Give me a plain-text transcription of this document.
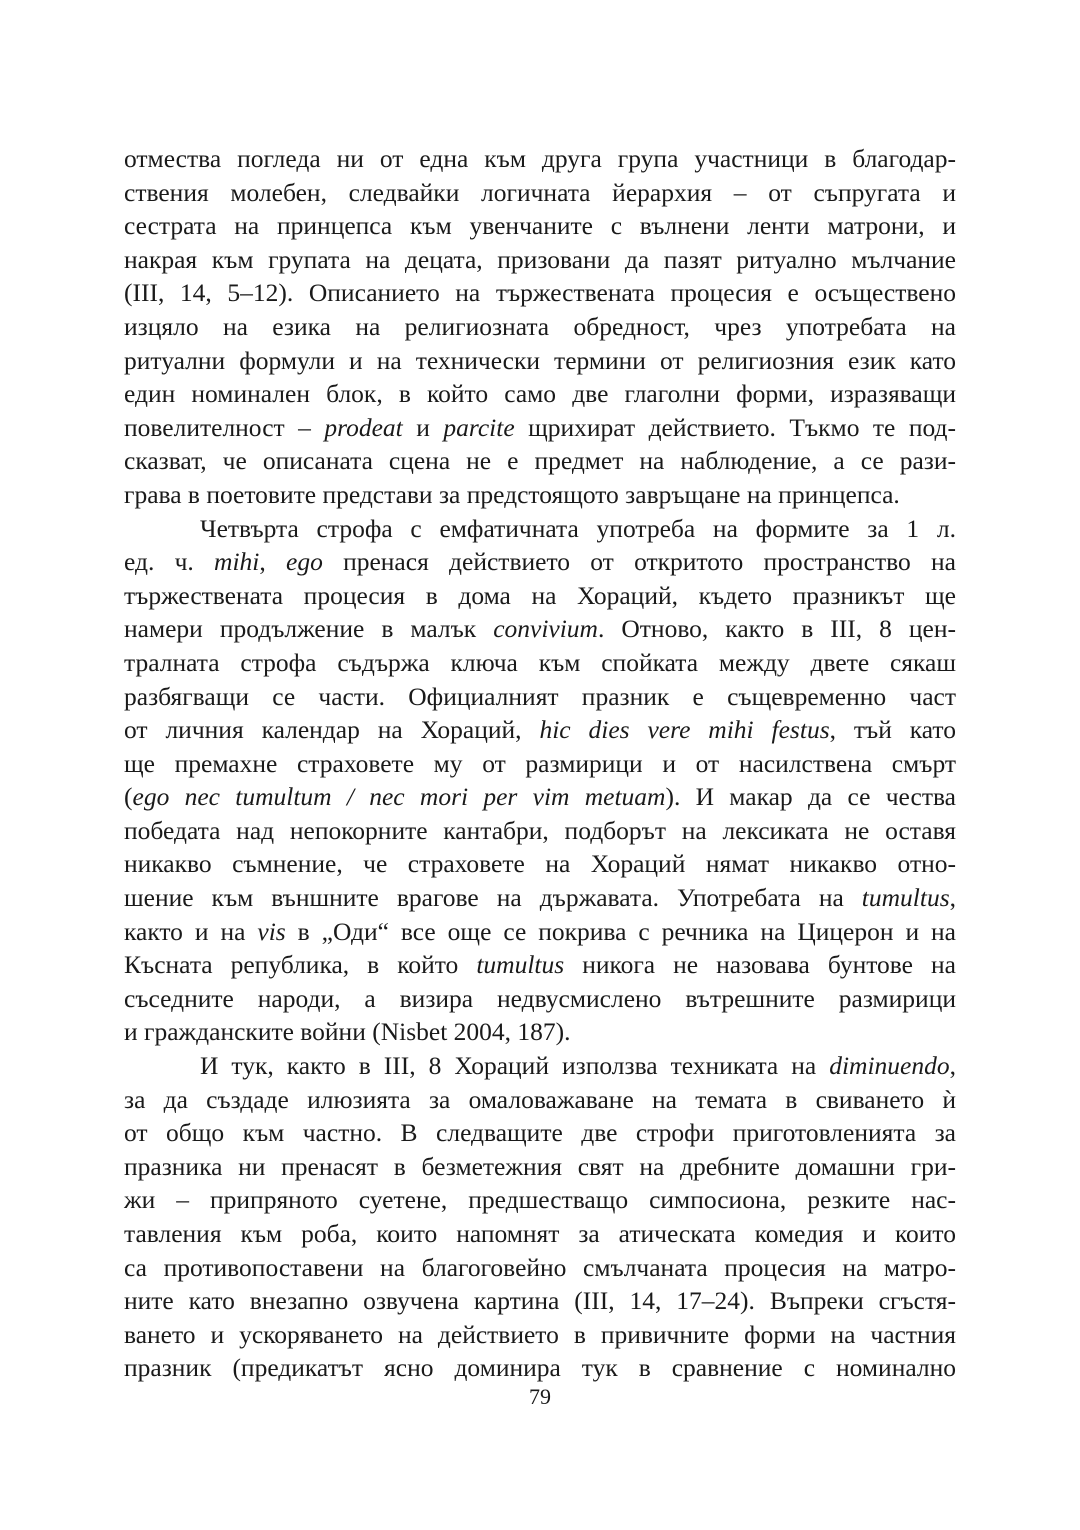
отмества погледа ни от една към друга група участници в благодар-
ствения молебен, следвайки логичната йерархия – от съпругата и
сестрата на принцепса към увенчаните с вълнени ленти матрони, и
накрая към групата на децата, призовани да пазят ритуално мълчание
(III, 14, 5–12). Описанието на тържествената процесия е осъществено
изцяло на езика на религиозната обредност, чрез употребата на
ритуални формули и на технически термини от религиозния език като
един номинален блок, в който само две глаголни форми, изразяващи
повелителност – prodeat и parcite щрихират действието. Тъкмо те под-
сказват, че описаната сцена не е предмет на наблюдение, а се рази-
грава в поетовите представи за предстоящото завръщане на принцепса.
Четвърта строфа с емфатичната употреба на формите за 1 л.
ед. ч. mihi, ego пренася действието от откритото пространство на
тържествената процесия в дома на Хораций, където празникът ще
намери продължение в малък convivium. Отново, както в III, 8 цен-
тралната строфа съдържа ключа към спойката между двете сякаш
разбягващи се части. Официалният празник е същевременно част
от личния календар на Хораций, hic dies vere mihi festus, тъй като
ще премахне страховете му от размирици и от насилствена смърт
(ego nec tumultum / nec mori per vim metuam). И макар да се чества
победата над непокорните кантабри, подборът на лексиката не оставя
никакво съмнение, че страховете на Хораций нямат никакво отно-
шение към външните врагове на държавата. Употребата на tumultus,
както и на vis в „Оди“ все още се покрива с речника на Цицерон и на
Късната република, в който tumultus никога не назовава бунтове на
съседните народи, а визира недвусмислено вътрешните размирици
и гражданските войни (Nisbet 2004, 187).
И тук, както в III, 8 Хораций използва техниката на diminuendo,
за да създаде илюзията за омаловажаване на темата в свиването ѝ
от общо към частно. В следващите две строфи приготовленията за
празника ни пренасят в безметежния свят на дребните домашни гри-
жи – припряното суетене, предшестващо симпосиона, резките нас-
тавления към роба, които напомнят за атическата комедия и които
са противопоставени на благоговейно смълчаната процесия на матро-
ните като внезапно озвучена картина (III, 14, 17–24). Въпреки сгъстя-
ването и ускоряването на действието в привичните форми на частния
празник (предикатът ясно доминира тук в сравнение с номинално
79
